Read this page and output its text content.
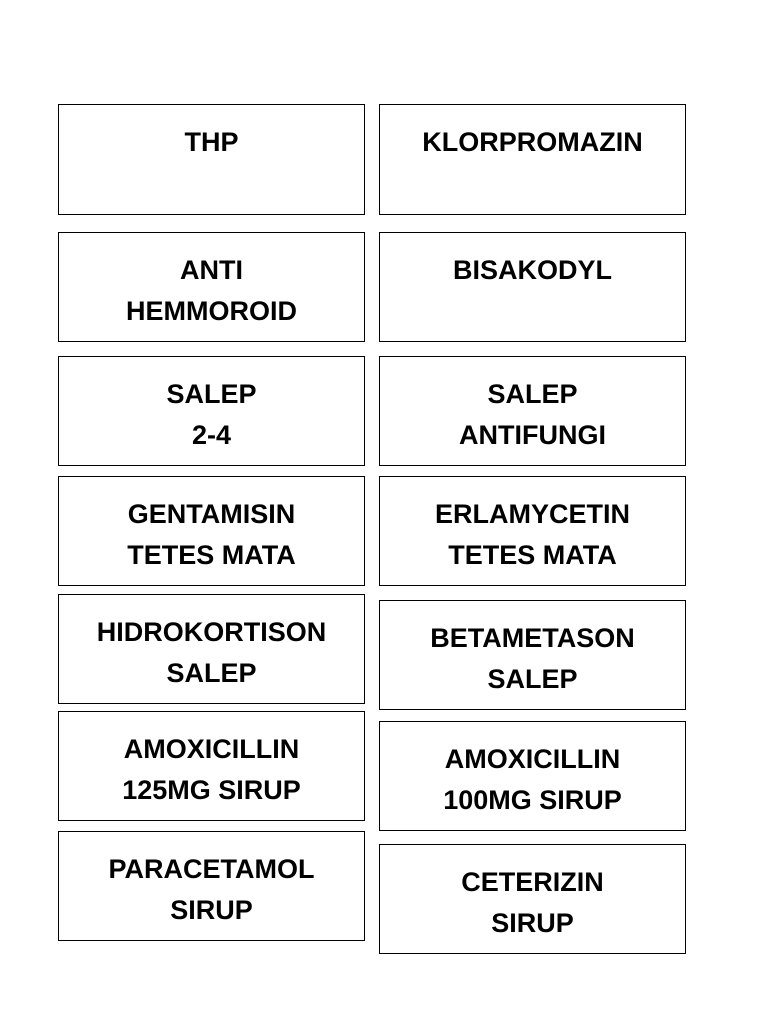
THP	KLORPROMAZIN
ANTI
HEMMOROID
BISAKODYL
SALEP
2-4
SALEP
ANTIFUNGI
GENTAMISIN
TETES MATA
ERLAMYCETIN
TETES MATA
HIDROKORTISON
SALEP
BETAMETASON
SALEP
AMOXICILLIN
125MG SIRUP
AMOXICILLIN
100MG SIRUP
PARACETAMOL
SIRUP
CETERIZIN
SIRUP
